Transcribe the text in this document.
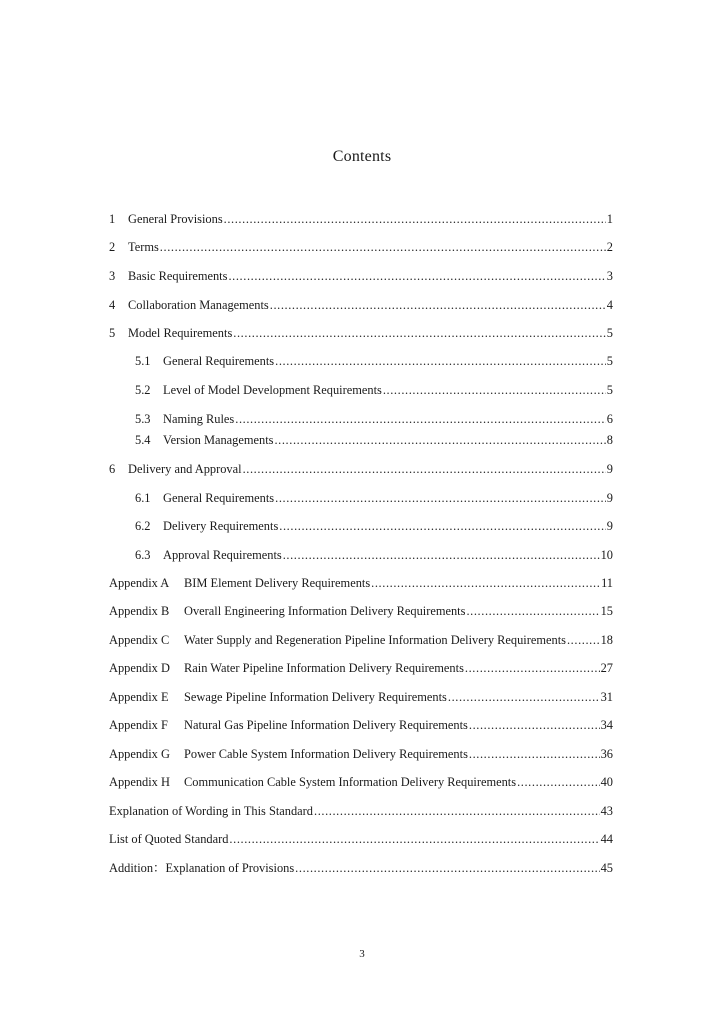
Contents
1	General Provisions .....	1
2	Terms .....	2
3	Basic Requirements .....	3
4	Collaboration Managements .....	4
5	Model Requirements .....	5
5.1	General Requirements .....	5
5.2	Level of Model Development Requirements .....	5
5.3	Naming Rules .....	6
5.4	Version Managements .....	8
6	Delivery and Approval .....	9
6.1	General Requirements .....	9
6.2	Delivery Requirements .....	9
6.3	Approval Requirements .....	10
Appendix A	BIM Element Delivery Requirements .....	11
Appendix B	Overall Engineering Information Delivery Requirements .....	15
Appendix C	Water Supply and Regeneration Pipeline Information Delivery Requirements .....	18
Appendix D	Rain Water Pipeline Information Delivery Requirements .....	27
Appendix E	Sewage Pipeline Information Delivery Requirements .....	31
Appendix F	Natural Gas Pipeline Information Delivery Requirements .....	34
Appendix G	Power Cable System Information Delivery Requirements .....	36
Appendix H	Communication Cable System Information Delivery Requirements .....	40
Explanation of Wording in This Standard .....	43
List of Quoted Standard .....	44
Addition：Explanation of Provisions .....	45
3
